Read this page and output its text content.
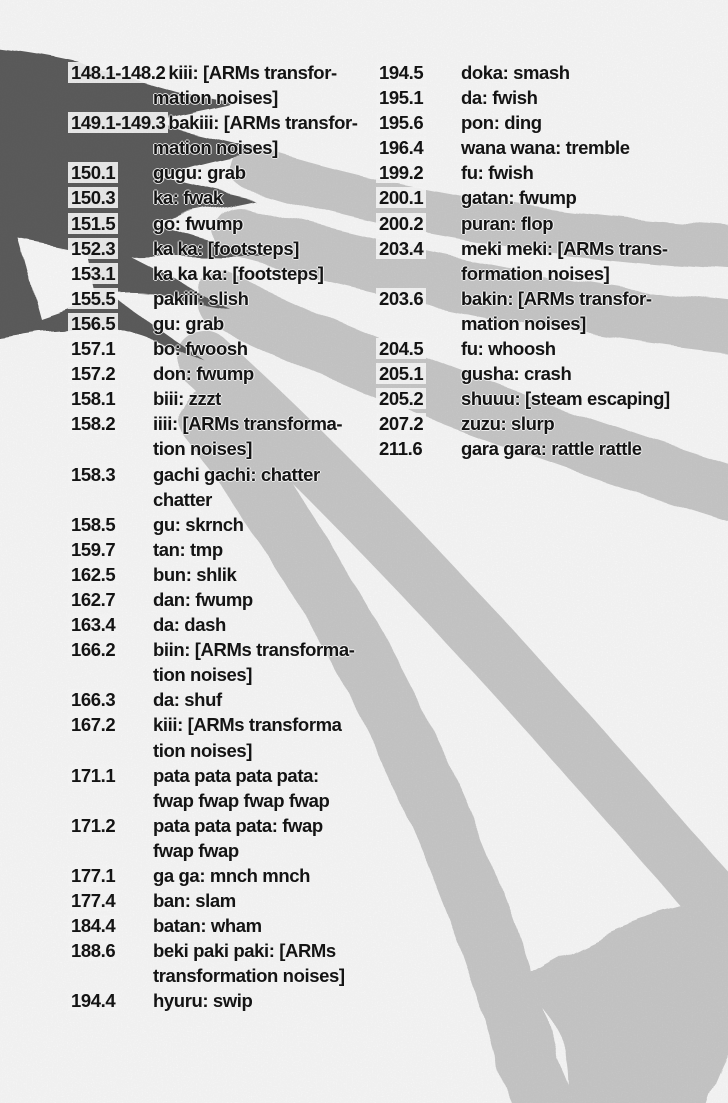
148.1-148.2 kiii: [ARMs transfor-
mation noises]
149.1-149.3 bakiii: [ARMs transfor-
mation noises]
150.1	gugu: grab
150.3	ka: fwak
151.5	go: fwump
152.3	ka ka: [footsteps]
153.1	ka ka ka: [footsteps]
155.5	pakiii: slish
156.5	gu: grab
157.1	bo: fwoosh
157.2	don: fwump
158.1	biii: zzzt
158.2	iiii: [ARMs transforma-
tion noises]
158.3	gachi gachi: chatter
chatter
158.5	gu: skrnch
159.7	tan: tmp
162.5	bun: shlik
162.7	dan: fwump
163.4	da: dash
166.2	biin: [ARMs transforma-
tion noises]
166.3	da: shuf
167.2	kiii: [ARMs transforma
tion noises]
171.1	pata pata pata pata:
fwap fwap fwap fwap
171.2	pata pata pata: fwap
fwap fwap
177.1	ga ga: mnch mnch
177.4	ban: slam
184.4	batan: wham
188.6	beki paki paki: [ARMs
transformation noises]
194.4	hyuru: swip
194.5	doka: smash
195.1	da: fwish
195.6	pon: ding
196.4	wana wana: tremble
199.2	fu: fwish
200.1	gatan: fwump
200.2	puran: flop
203.4	meki meki: [ARMs trans-
formation noises]
203.6	bakin: [ARMs transfor-
mation noises]
204.5	fu: whoosh
205.1	gusha: crash
205.2	shuuu: [steam escaping]
207.2	zuzu: slurp
211.6	gara gara: rattle rattle
